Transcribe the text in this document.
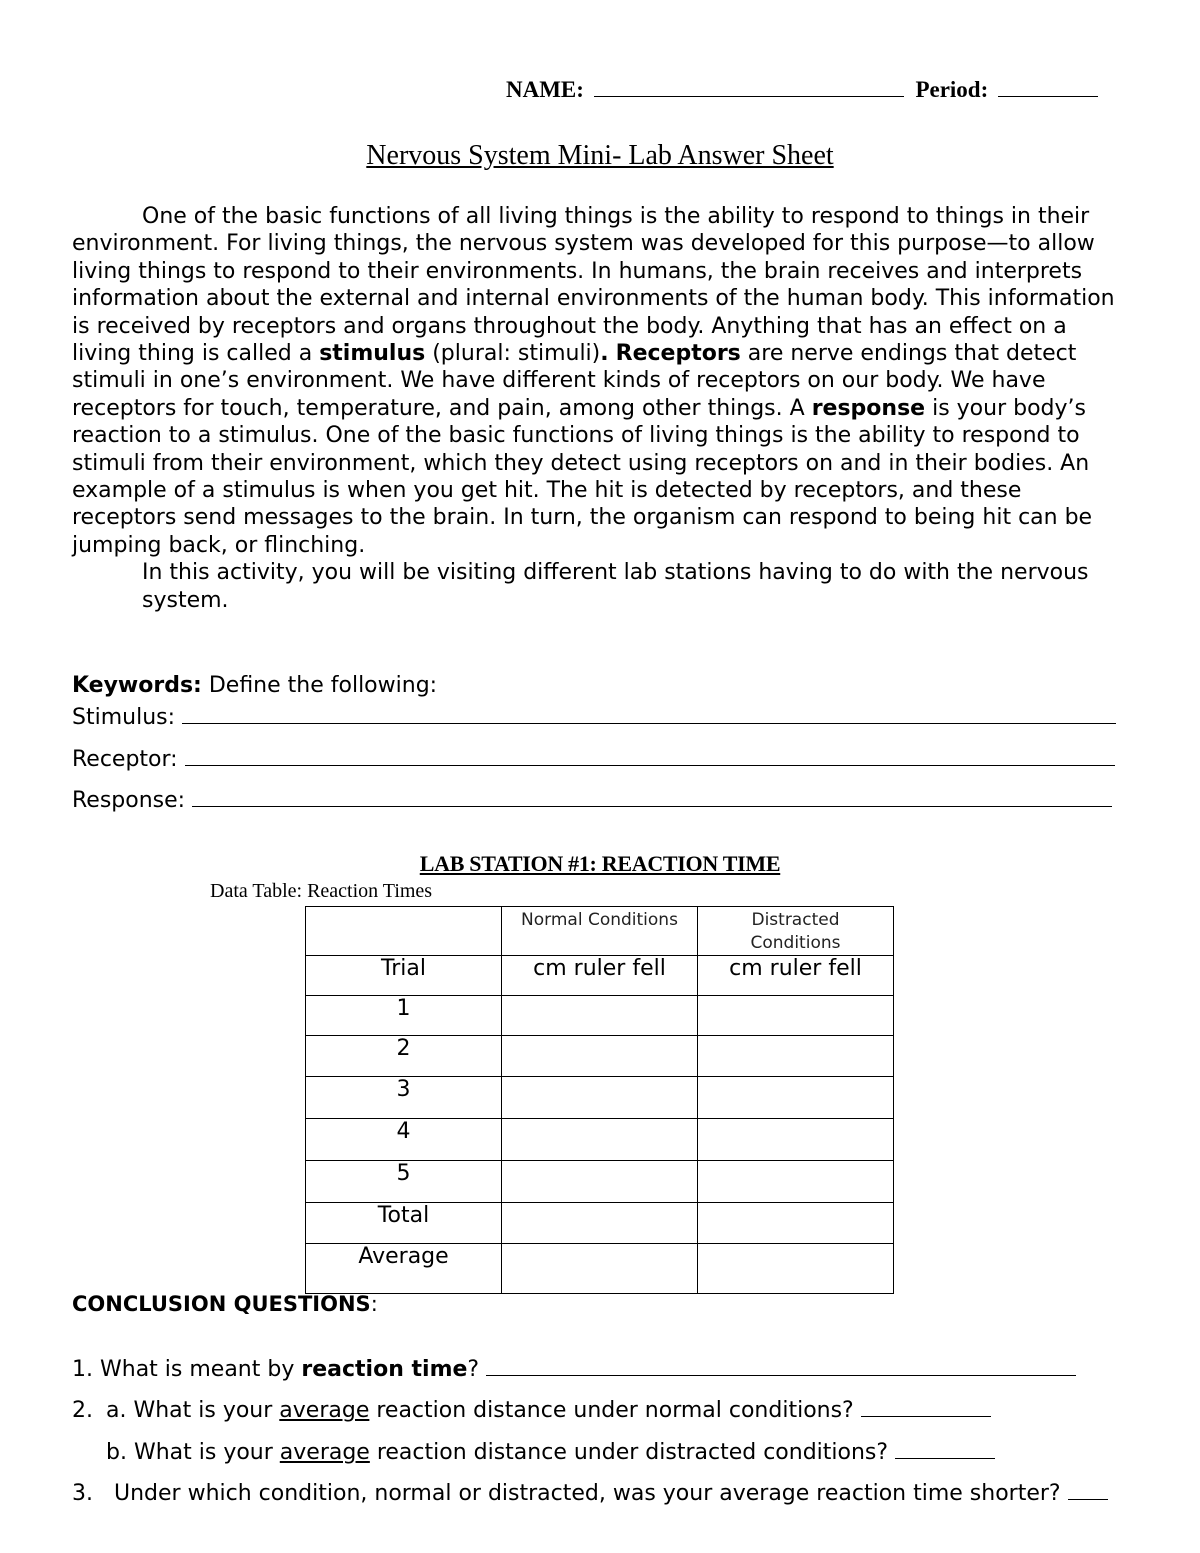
NAME:	Period:
Nervous System Mini- Lab Answer Sheet

One of the basic functions of all living things is the ability to respond to things in their environment. For living things, the nervous system was developed for this purpose—to allow living things to respond to their environments. In humans, the brain receives and interprets information about the external and internal environments of the human body. This information is received by receptors and organs throughout the body. Anything that has an effect on a living thing is called a stimulus (plural: stimuli). Receptors are nerve endings that detect stimuli in one’s environment. We have different kinds of receptors on our body. We have receptors for touch, temperature, and pain, among other things. A response is your body’s reaction to a stimulus. One of the basic functions of living things is the ability to respond to stimuli from their environment, which they detect using receptors on and in their bodies. An example of a stimulus is when you get hit. The hit is detected by receptors, and these receptors send messages to the brain. In turn, the organism can respond to being hit can be jumping back, or flinching.

In this activity, you will be visiting different lab stations having to do with the nervous system.

Keywords: Define the following:
Stimulus:
Receptor:
Response:
LAB STATION #1: REACTION TIME
Data Table: Reaction Times
	Normal Conditions	Distracted Conditions

Trial	cm ruler fell	cm ruler fell
1		
2		
3		
4		
5		
Total		
Average		
CONCLUSION QUESTIONS:
1. What is meant by reaction time?
2. a. What is your average reaction distance under normal conditions?
b. What is your average reaction distance under distracted conditions?
3. Under which condition, normal or distracted, was your average reaction time shorter?
